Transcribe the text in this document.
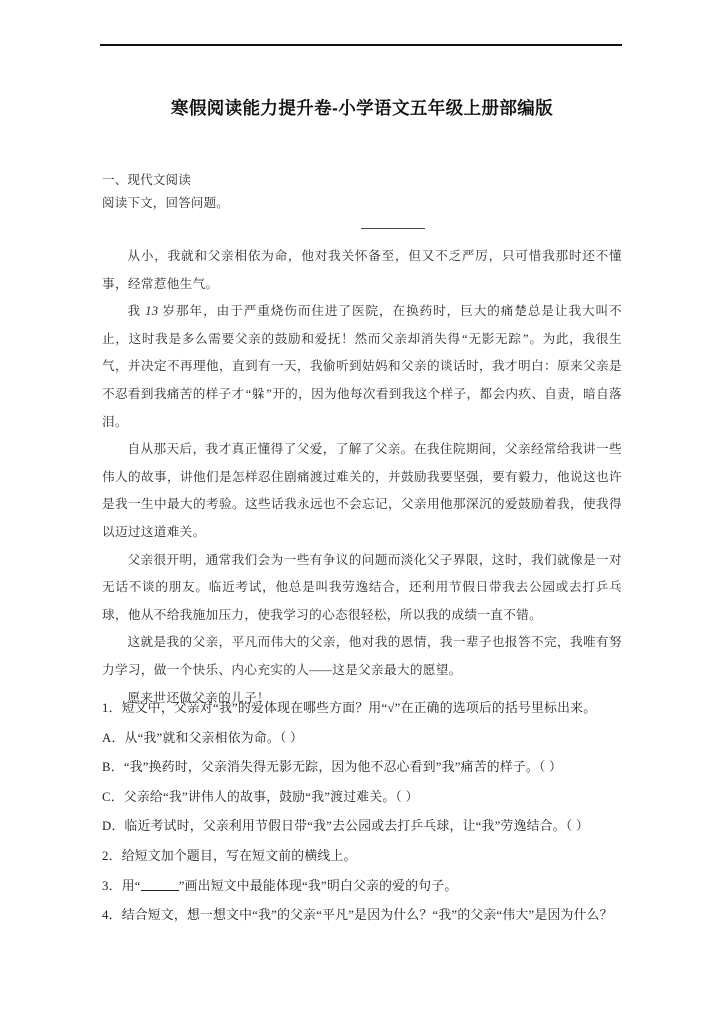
寒假阅读能力提升卷-小学语文五年级上册部编版
一、现代文阅读
阅读下文，回答问题。

从小，我就和父亲相依为命，他对我关怀备至，但又不乏严厉，只可惜我那时还不懂事，经常惹他生气。

我 13 岁那年，由于严重烧伤而住进了医院，在换药时，巨大的痛楚总是让我大叫不止，这时我是多么需要父亲的鼓励和爱抚！然而父亲却消失得“无影无踪”。为此，我很生气，并决定不再理他，直到有一天，我偷听到姑妈和父亲的谈话时，我才明白：原来父亲是不忍看到我痛苦的样子才“躲”开的，因为他每次看到我这个样子，都会内疚、自责，暗自落泪。

自从那天后，我才真正懂得了父爱，了解了父亲。在我住院期间，父亲经常给我讲一些伟人的故事，讲他们是怎样忍住剧痛渡过难关的，并鼓励我要坚强，要有毅力，他说这也许是我一生中最大的考验。这些话我永远也不会忘记，父亲用他那深沉的爱鼓励着我，使我得以迈过这道难关。

父亲很开明，通常我们会为一些有争议的问题而淡化父子界限，这时，我们就像是一对无话不谈的朋友。临近考试，他总是叫我劳逸结合，还利用节假日带我去公园或去打乒乓球，他从不给我施加压力，使我学习的心态很轻松，所以我的成绩一直不错。

这就是我的父亲，平凡而伟大的父亲，他对我的恩情，我一辈子也报答不完，我唯有努力学习，做一个快乐、内心充实的人——这是父亲最大的愿望。

愿来世还做父亲的儿子！

1．短文中，父亲对“我”的爱体现在哪些方面？用“√”在正确的选项后的括号里标出来。
A．从“我”就和父亲相依为命。（ ）
B．“我”换药时，父亲消失得无影无踪，因为他不忍心看到”我”痛苦的样子。（ ）
C．父亲给“我”讲伟人的故事，鼓励“我”渡过难关。（ ）
D．临近考试时，父亲利用节假日带“我”去公园或去打乒乓球，让“我”劳逸结合。（ ）
2．给短文加个题目，写在短文前的横线上。
3．用“	”画出短文中最能体现“我”明白父亲的爱的句子。
4．结合短文，想一想文中“我”的父亲“平凡”是因为什么？“我”的父亲“伟大”是因为什么？
